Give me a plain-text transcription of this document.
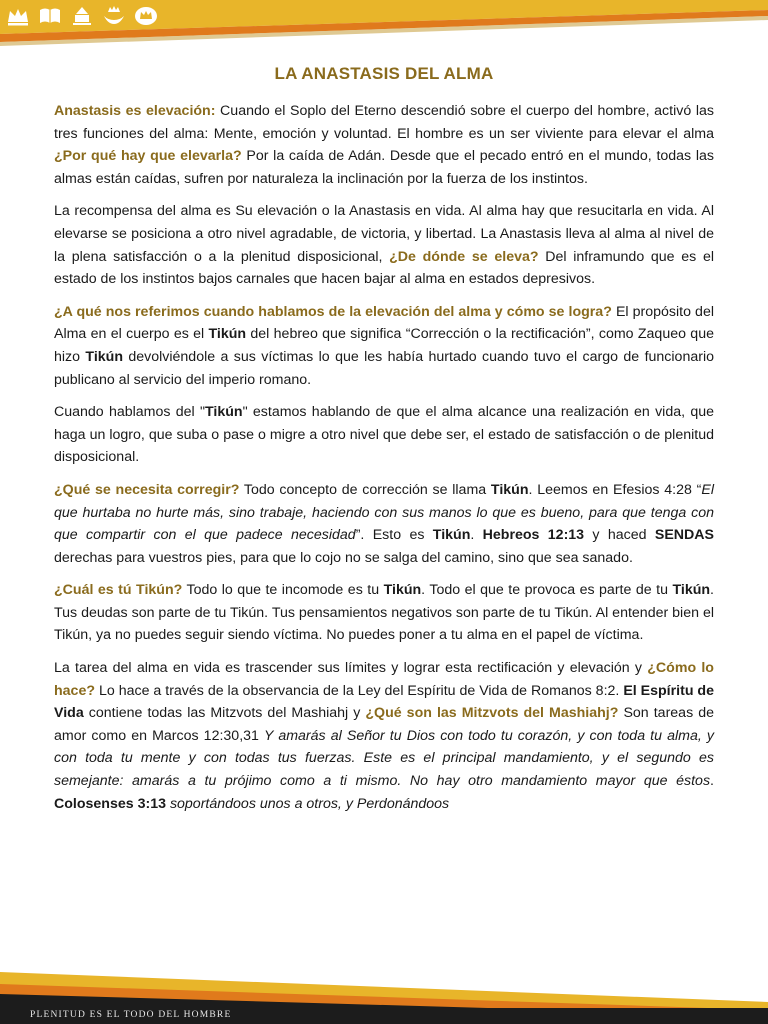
LA ANASTASIS DEL ALMA

Anastasis es elevación: Cuando el Soplo del Eterno descendió sobre el cuerpo del hombre, activó las tres funciones del alma: Mente, emoción y voluntad. El hombre es un ser viviente para elevar el alma ¿Por qué hay que elevarla? Por la caída de Adán. Desde que el pecado entró en el mundo, todas las almas están caídas, sufren por naturaleza la inclinación por la fuerza de los instintos.

La recompensa del alma es Su elevación o la Anastasis en vida. Al alma hay que resucitarla en vida. Al elevarse se posiciona a otro nivel agradable, de victoria, y libertad. La Anastasis lleva al alma al nivel de la plena satisfacción o a la plenitud disposicional, ¿De dónde se eleva? Del inframundo que es el estado de los instintos bajos carnales que hacen bajar al alma en estados depresivos.

¿A qué nos referimos cuando hablamos de la elevación del alma y cómo se logra? El propósito del Alma en el cuerpo es el Tikún del hebreo que significa “Corrección o la rectificación”, como Zaqueo que hizo Tikún devolviéndole a sus víctimas lo que les había hurtado cuando tuvo el cargo de funcionario publicano al servicio del imperio romano.

Cuando hablamos del "Tikún" estamos hablando de que el alma alcance una realización en vida, que haga un logro, que suba o pase o migre a otro nivel que debe ser, el estado de satisfacción o de plenitud disposicional.

¿Qué se necesita corregir? Todo concepto de corrección se llama Tikún. Leemos en Efesios 4:28 “El que hurtaba no hurte más, sino trabaje, haciendo con sus manos lo que es bueno, para que tenga con que compartir con el que padece necesidad”. Esto es Tikún. Hebreos 12:13 y haced SENDAS derechas para vuestros pies, para que lo cojo no se salga del camino, sino que sea sanado.

¿Cuál es tú Tikún? Todo lo que te incomode es tu Tikún. Todo el que te provoca es parte de tu Tikún. Tus deudas son parte de tu Tikún. Tus pensamientos negativos son parte de tu Tikún. Al entender bien el Tikún, ya no puedes seguir siendo víctima. No puedes poner a tu alma en el papel de víctima.

La tarea del alma en vida es trascender sus límites y lograr esta rectificación y elevación y ¿Cómo lo hace? Lo hace a través de la observancia de la Ley del Espíritu de Vida de Romanos 8:2. El Espíritu de Vida contiene todas las Mitzvots del Mashiahj y ¿Qué son las Mitzvots del Mashiahj? Son tareas de amor como en Marcos 12:30,31 Y amarás al Señor tu Dios con todo tu corazón, y con toda tu alma, y con toda tu mente y con todas tus fuerzas. Este es el principal mandamiento, y el segundo es semejante: amarás a tu prójimo como a ti mismo. No hay otro mandamiento mayor que éstos. Colosenses 3:13 soportándoos unos a otros, y Perdonándoos

PLENITUD ES EL TODO DEL HOMBRE
